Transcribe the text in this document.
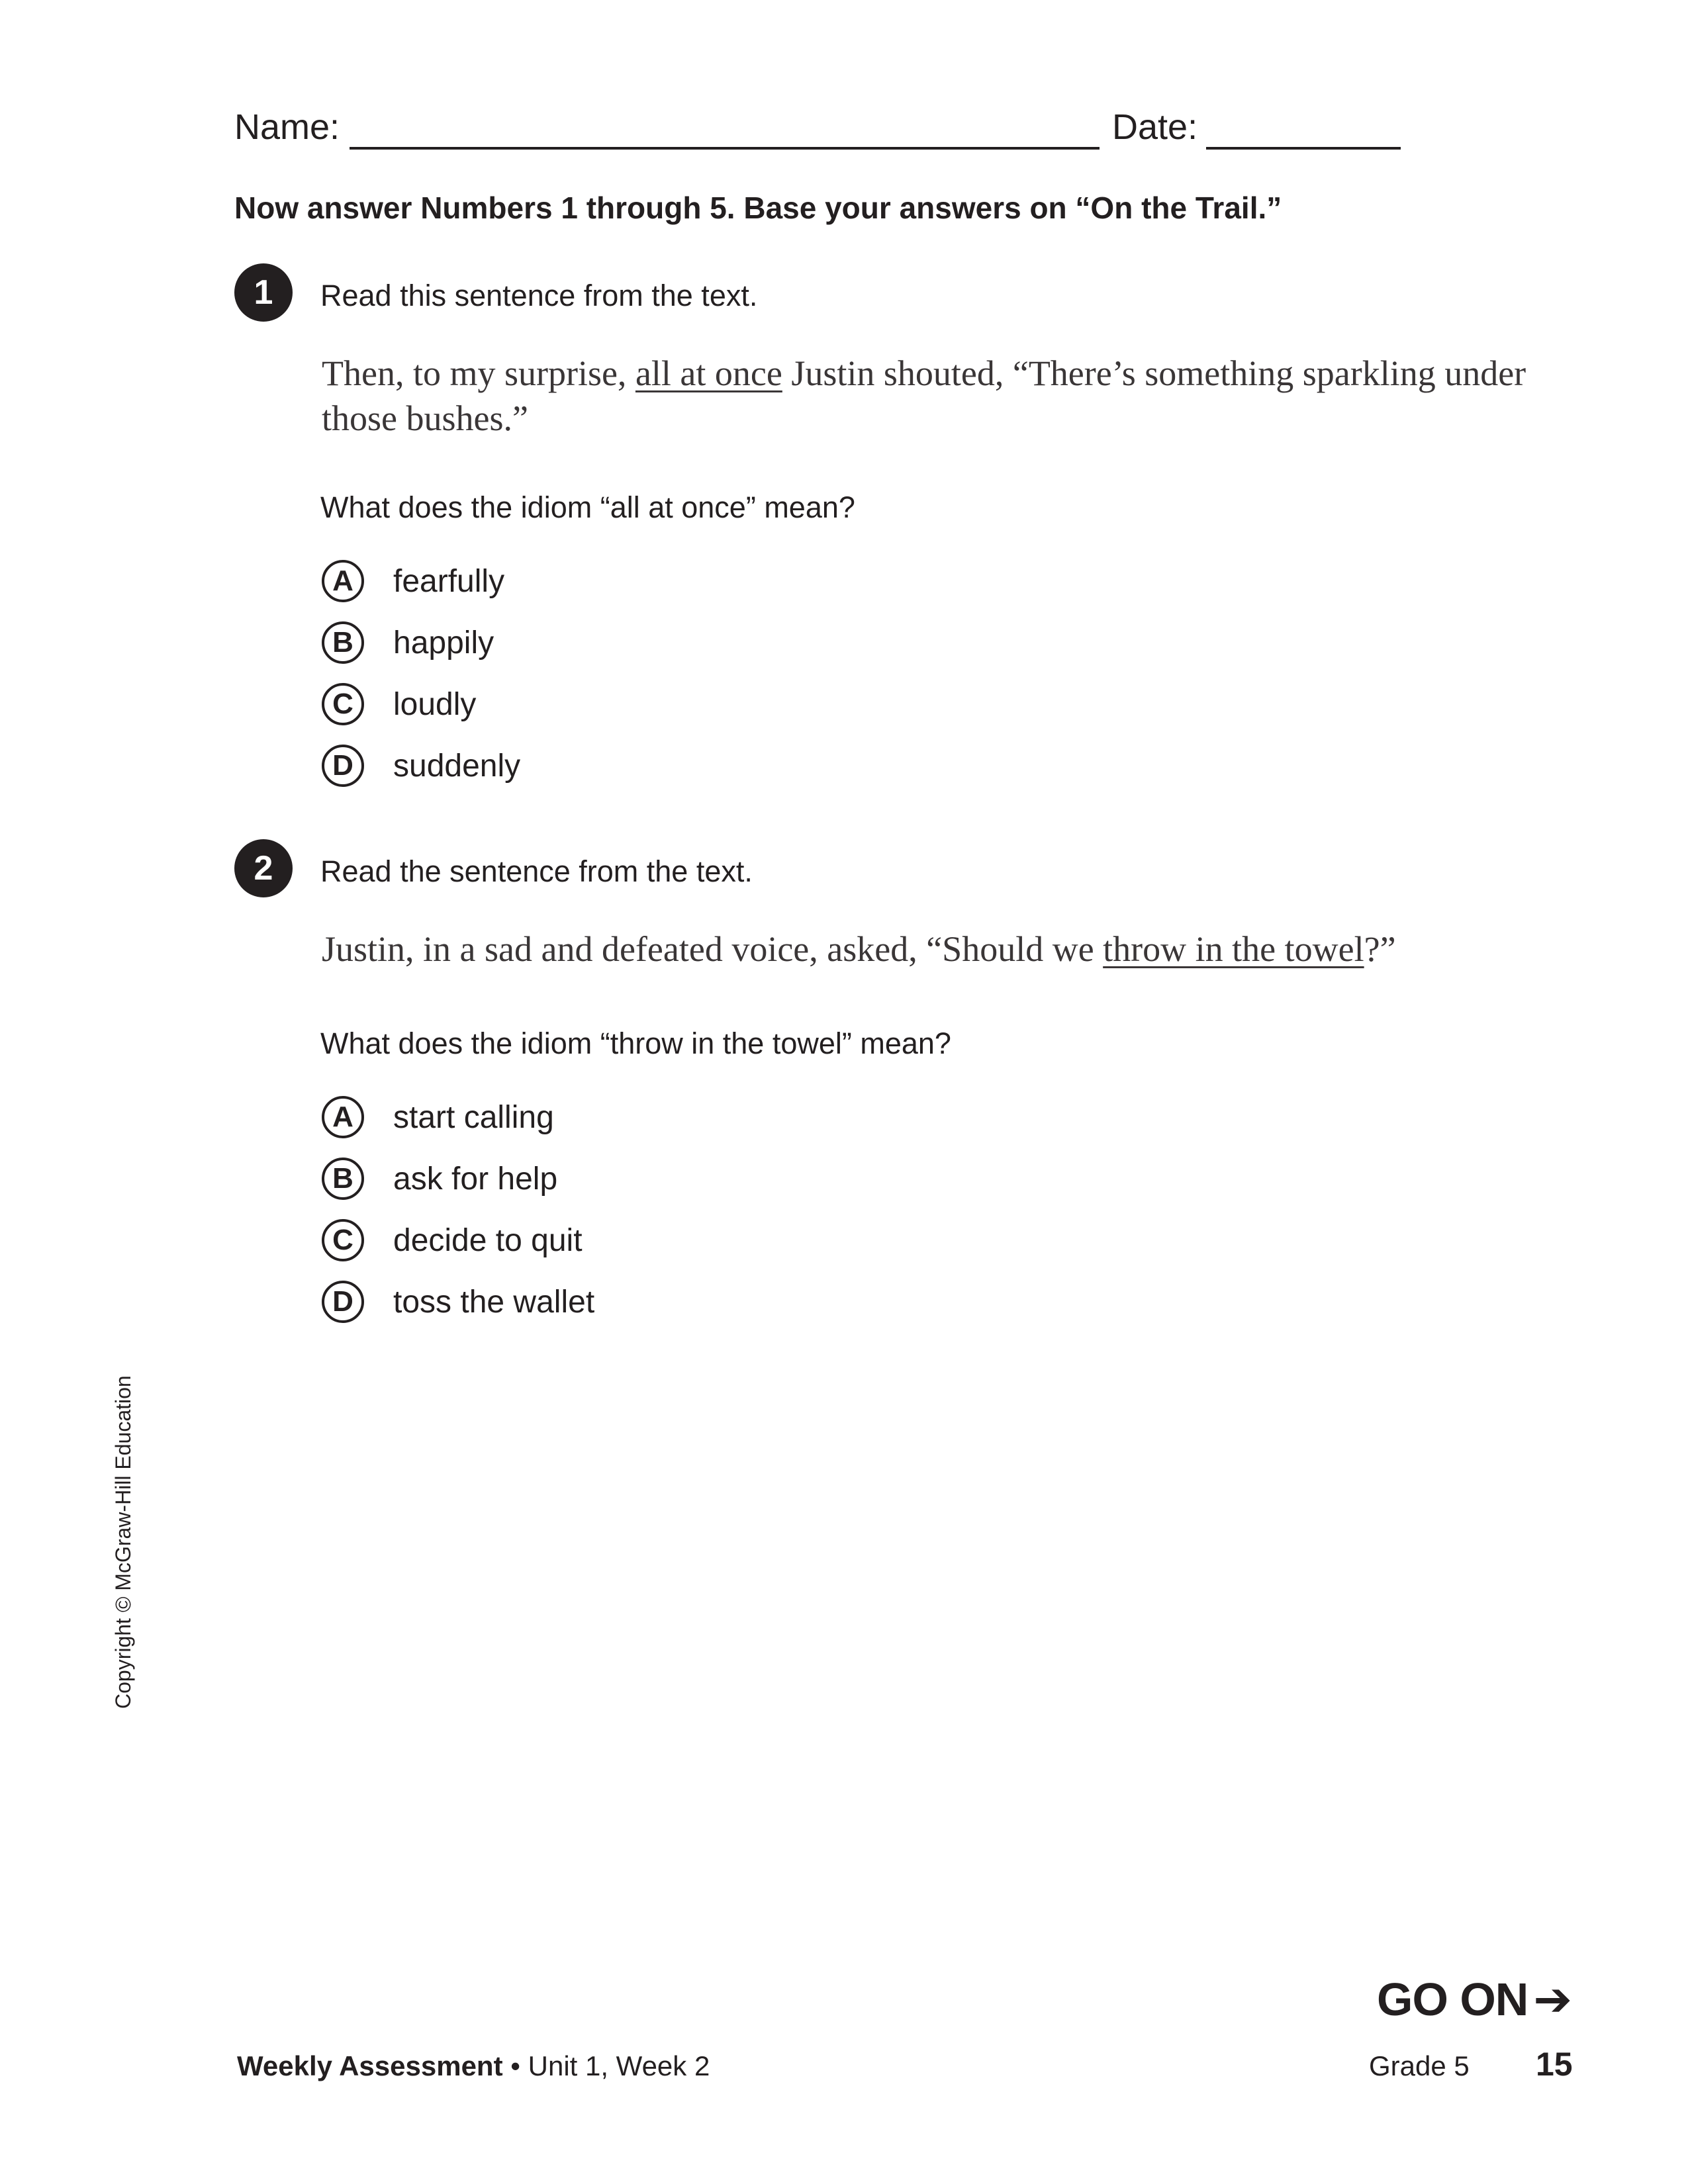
Name:	Date:
Now answer Numbers 1 through 5. Base your answers on “On the Trail.”
1	Read this sentence from the text.
Then, to my surprise, all at once Justin shouted, “There’s something sparkling under those bushes.”
What does the idiom “all at once” mean?
A	fearfully
B	happily
C	loudly
D	suddenly
2	Read the sentence from the text.
Justin, in a sad and defeated voice, asked, “Should we throw in the towel?”
What does the idiom “throw in the towel” mean?
A	start calling
B	ask for help
C	decide to quit
D	toss the wallet
Copyright © McGraw-Hill Education
GO ON ➔
Weekly Assessment • Unit 1, Week 2	Grade 5 15
